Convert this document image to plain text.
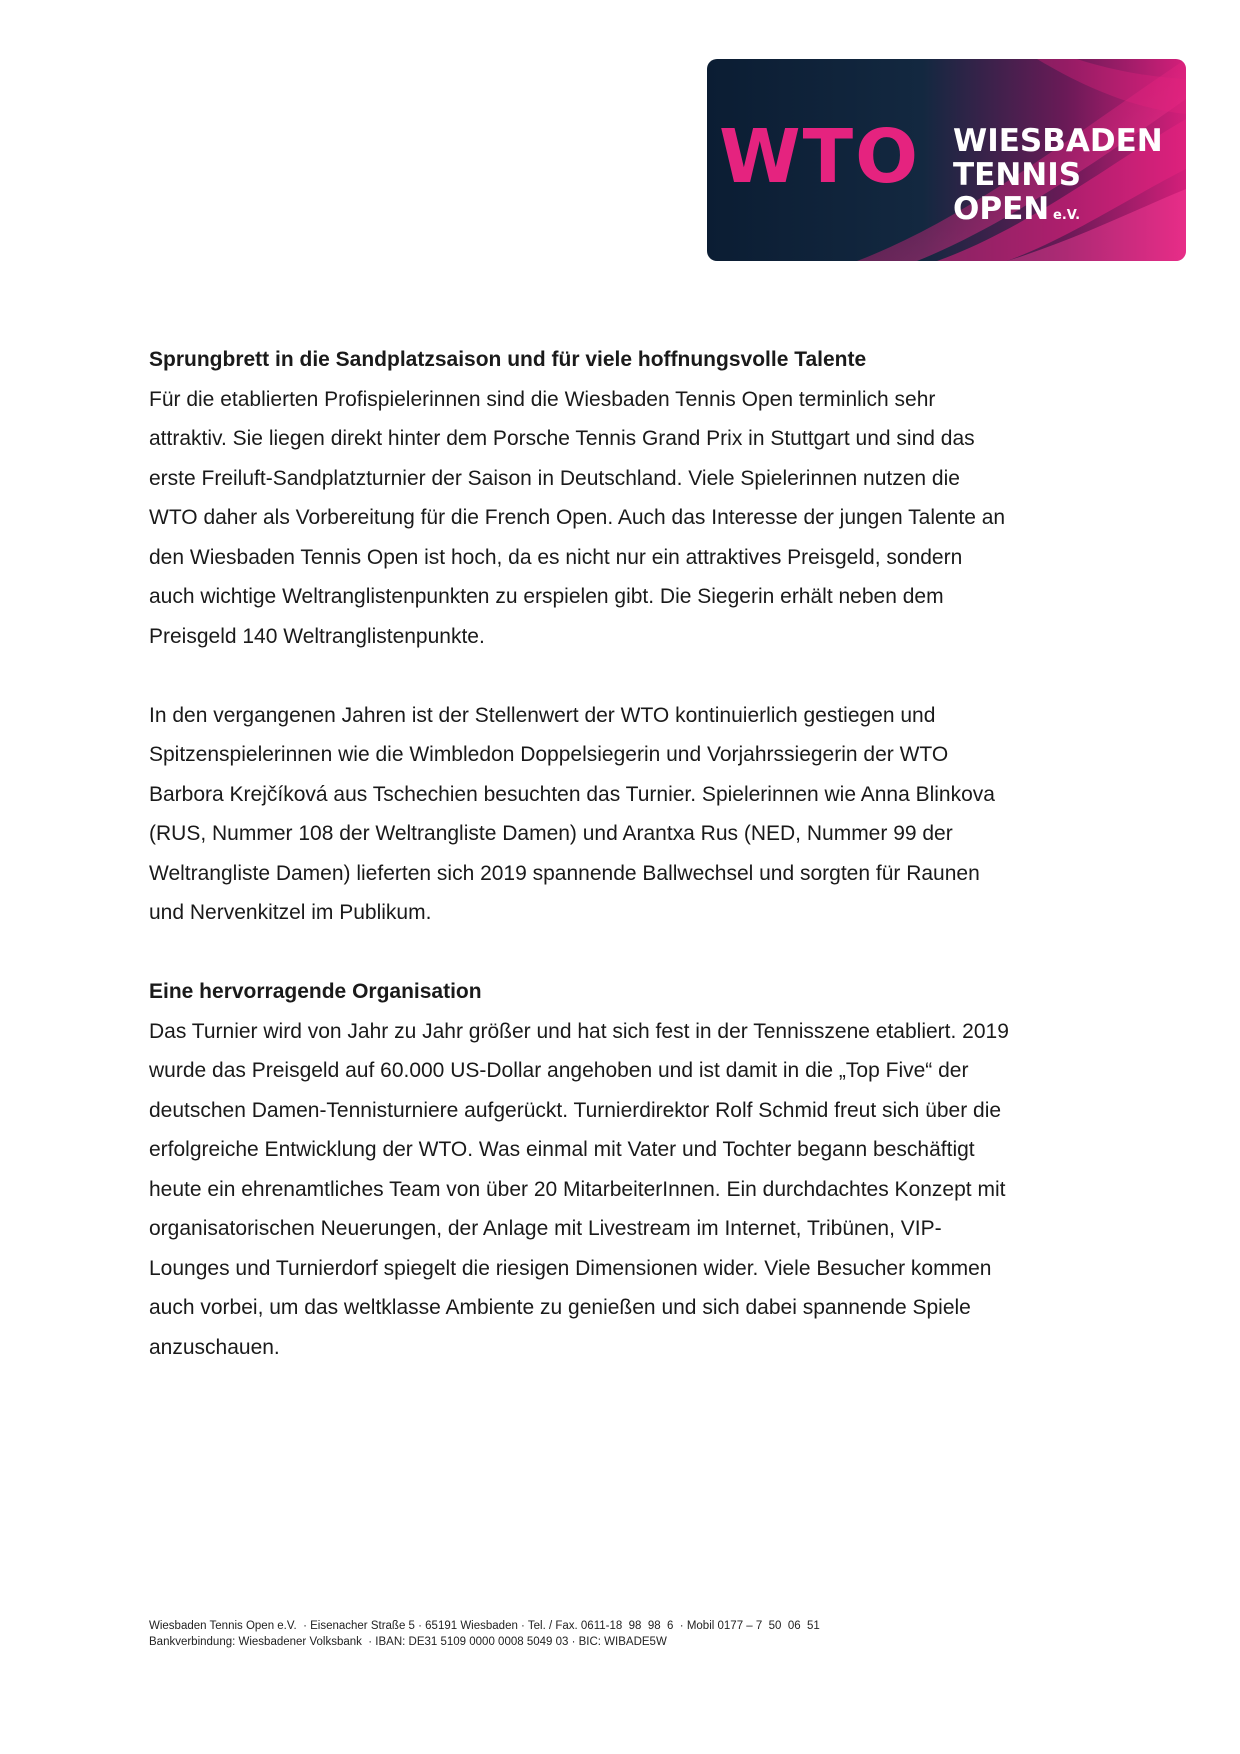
WTO WIESBADEN
TENNIS
OPEN e.V.

Sprungbrett in die Sandplatzsaison und für viele hoffnungsvolle Talente

Für die etablierten Profispielerinnen sind die Wiesbaden Tennis Open terminlich sehr
attraktiv. Sie liegen direkt hinter dem Porsche Tennis Grand Prix in Stuttgart und sind das
erste Freiluft-Sandplatzturnier der Saison in Deutschland. Viele Spielerinnen nutzen die
WTO daher als Vorbereitung für die French Open. Auch das Interesse der jungen Talente an
den Wiesbaden Tennis Open ist hoch, da es nicht nur ein attraktives Preisgeld, sondern
auch wichtige Weltranglistenpunkten zu erspielen gibt. Die Siegerin erhält neben dem
Preisgeld 140 Weltranglistenpunkte.

In den vergangenen Jahren ist der Stellenwert der WTO kontinuierlich gestiegen und
Spitzenspielerinnen wie die Wimbledon Doppelsiegerin und Vorjahrssiegerin der WTO
Barbora Krejčíková aus Tschechien besuchten das Turnier. Spielerinnen wie Anna Blinkova
(RUS, Nummer 108 der Weltrangliste Damen) und Arantxa Rus (NED, Nummer 99 der
Weltrangliste Damen) lieferten sich 2019 spannende Ballwechsel und sorgten für Raunen
und Nervenkitzel im Publikum.

Eine hervorragende Organisation

Das Turnier wird von Jahr zu Jahr größer und hat sich fest in der Tennisszene etabliert. 2019
wurde das Preisgeld auf 60.000 US-Dollar angehoben und ist damit in die „Top Five“ der
deutschen Damen-Tennisturniere aufgerückt. Turnierdirektor Rolf Schmid freut sich über die
erfolgreiche Entwicklung der WTO. Was einmal mit Vater und Tochter begann beschäftigt
heute ein ehrenamtliches Team von über 20 MitarbeiterInnen. Ein durchdachtes Konzept mit
organisatorischen Neuerungen, der Anlage mit Livestream im Internet, Tribünen, VIP-
Lounges und Turnierdorf spiegelt die riesigen Dimensionen wider. Viele Besucher kommen
auch vorbei, um das weltklasse Ambiente zu genießen und sich dabei spannende Spiele
anzuschauen.

Wiesbaden Tennis Open e.V.  · Eisenacher Straße 5 · 65191 Wiesbaden · Tel. / Fax. 0611-18  98  98  6  · Mobil 0177 – 7  50  06  51
Bankverbindung: Wiesbadener Volksbank  · IBAN: DE31 5109 0000 0008 5049 03 · BIC: WIBADE5W
